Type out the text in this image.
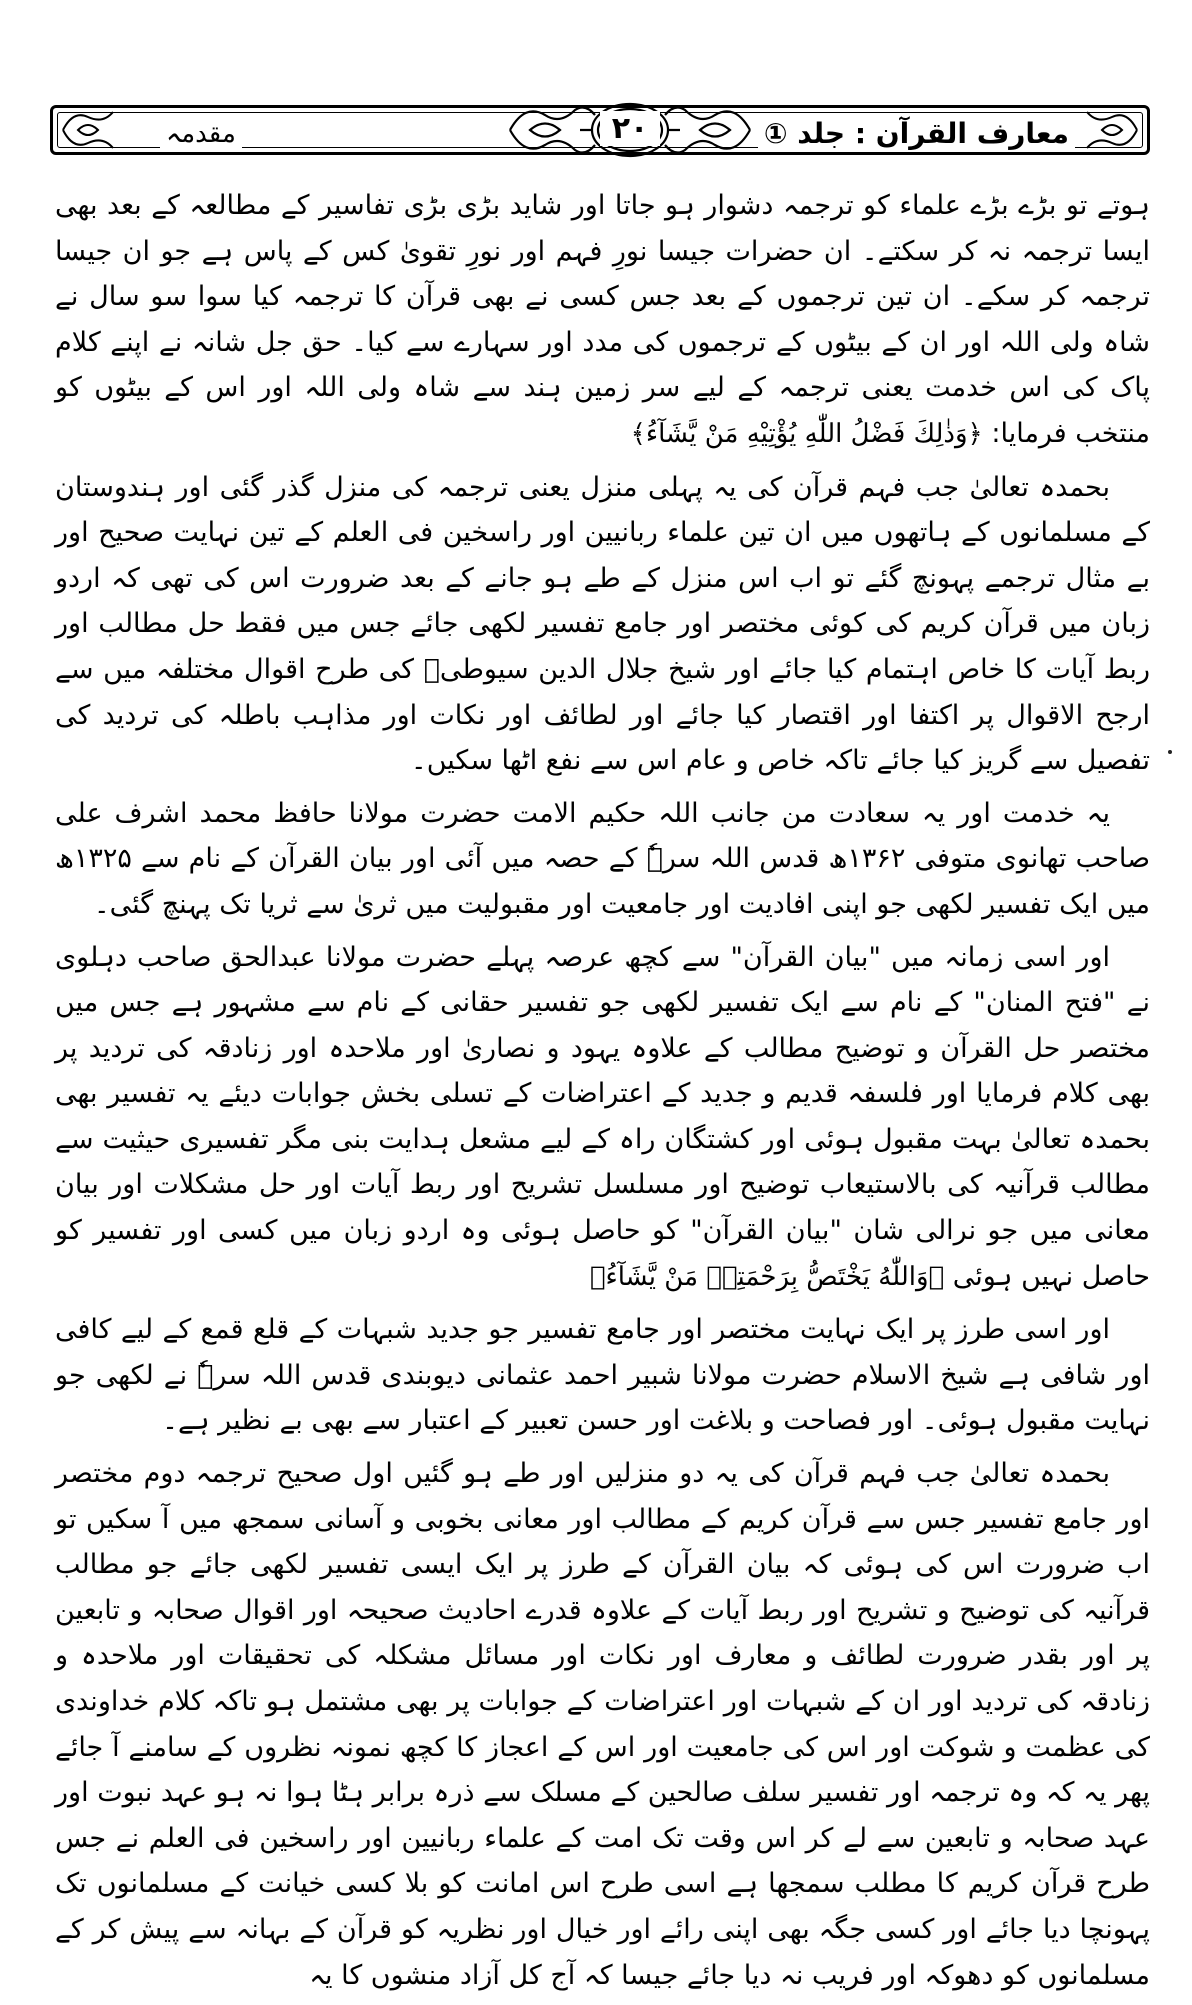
۲۰	معارف القرآن : جلد ①
مقدمہ

ہوتے تو بڑے بڑے علماء کو ترجمہ دشوار ہو جاتا اور شاید بڑی بڑی تفاسیر کے مطالعہ کے بعد بھی ایسا ترجمہ نہ کر سکتے۔ ان حضرات جیسا نورِ فہم اور نورِ تقویٰ کس کے پاس ہے جو ان جیسا ترجمہ کر سکے۔ ان تین ترجموں کے بعد جس کسی نے بھی قرآن کا ترجمہ کیا سوا سو سال نے شاہ ولی اللہ اور ان کے بیٹوں کے ترجموں کی مدد اور سہارے سے کیا۔ حق جل شانہ نے اپنے کلام پاک کی اس خدمت یعنی ترجمہ کے لیے سر زمین ہند سے شاہ ولی اللہ اور اس کے بیٹوں کو منتخب فرمایا: ﴿وَذٰلِكَ فَضْلُ اللّٰهِ يُؤْتِيْهِ مَنْ يَّشَآءُ﴾

بحمدہ تعالیٰ جب فہم قرآن کی یہ پہلی منزل یعنی ترجمہ کی منزل گذر گئی اور ہندوستان کے مسلمانوں کے ہاتھوں میں ان تین علماء ربانیین اور راسخین فی العلم کے تین نہایت صحیح اور بے مثال ترجمے پہونچ گئے تو اب اس منزل کے طے ہو جانے کے بعد ضرورت اس کی تھی کہ اردو زبان میں قرآن کریم کی کوئی مختصر اور جامع تفسیر لکھی جائے جس میں فقط حل مطالب اور ربط آیات کا خاص اہتمام کیا جائے اور شیخ جلال الدین سیوطیؒ کی طرح اقوال مختلفہ میں سے ارجح الاقوال پر اکتفا اور اقتصار کیا جائے اور لطائف اور نکات اور مذاہب باطلہ کی تردید کی تفصیل سے گریز کیا جائے تاکہ خاص و عام اس سے نفع اٹھا سکیں۔

یہ خدمت اور یہ سعادت من جانب اللہ حکیم الامت حضرت مولانا حافظ محمد اشرف علی صاحب تھانوی متوفی ۱۳۶۲ھ قدس اللہ سرہٗ کے حصہ میں آئی اور بیان القرآن کے نام سے ۱۳۲۵ھ میں ایک تفسیر لکھی جو اپنی افادیت اور جامعیت اور مقبولیت میں ثریٰ سے ثریا تک پہنچ گئی۔

اور اسی زمانہ میں "بیان القرآن" سے کچھ عرصہ پہلے حضرت مولانا عبدالحق صاحب دہلوی نے "فتح المنان" کے نام سے ایک تفسیر لکھی جو تفسیر حقانی کے نام سے مشہور ہے جس میں مختصر حل القرآن و توضیح مطالب کے علاوہ یہود و نصاریٰ اور ملاحدہ اور زنادقہ کی تردید پر بھی کلام فرمایا اور فلسفہ قدیم و جدید کے اعتراضات کے تسلی بخش جوابات دیئے یہ تفسیر بھی بحمدہ تعالیٰ بہت مقبول ہوئی اور کشتگان راہ کے لیے مشعل ہدایت بنی مگر تفسیری حیثیت سے مطالب قرآنیہ کی بالاستیعاب توضیح اور مسلسل تشریح اور ربط آیات اور حل مشکلات اور بیان معانی میں جو نرالی شان "بیان القرآن" کو حاصل ہوئی وہ اردو زبان میں کسی اور تفسیر کو حاصل نہیں ہوئی ﴿وَاللّٰهُ يَخْتَصُّ بِرَحْمَتِهٖ مَنْ يَّشَآءُ﴾

اور اسی طرز پر ایک نہایت مختصر اور جامع تفسیر جو جدید شبہات کے قلع قمع کے لیے کافی اور شافی ہے شیخ الاسلام حضرت مولانا شبیر احمد عثمانی دیوبندی قدس اللہ سرہٗ نے لکھی جو نہایت مقبول ہوئی۔ اور فصاحت و بلاغت اور حسن تعبیر کے اعتبار سے بھی بے نظیر ہے۔

بحمدہ تعالیٰ جب فہم قرآن کی یہ دو منزلیں اور طے ہو گئیں اول صحیح ترجمہ دوم مختصر اور جامع تفسیر جس سے قرآن کریم کے مطالب اور معانی بخوبی و آسانی سمجھ میں آ سکیں تو اب ضرورت اس کی ہوئی کہ بیان القرآن کے طرز پر ایک ایسی تفسیر لکھی جائے جو مطالب قرآنیہ کی توضیح و تشریح اور ربط آیات کے علاوہ قدرے احادیث صحیحہ اور اقوال صحابہ و تابعین پر اور بقدر ضرورت لطائف و معارف اور نکات اور مسائل مشکلہ کی تحقیقات اور ملاحدہ و زنادقہ کی تردید اور ان کے شبہات اور اعتراضات کے جوابات پر بھی مشتمل ہو تاکہ کلام خداوندی کی عظمت و شوکت اور اس کی جامعیت اور اس کے اعجاز کا کچھ نمونہ نظروں کے سامنے آ جائے پھر یہ کہ وہ ترجمہ اور تفسیر سلف صالحین کے مسلک سے ذرہ برابر ہٹا ہوا نہ ہو عہد نبوت اور عہد صحابہ و تابعین سے لے کر اس وقت تک امت کے علماء ربانیین اور راسخین فی العلم نے جس طرح قرآن کریم کا مطلب سمجھا ہے اسی طرح اس امانت کو بلا کسی خیانت کے مسلمانوں تک پہونچا دیا جائے اور کسی جگہ بھی اپنی رائے اور خیال اور نظریہ کو قرآن کے بہانہ سے پیش کر کے مسلمانوں کو دھوکہ اور فریب نہ دیا جائے جیسا کہ آج کل آزاد منشوں کا یہ
